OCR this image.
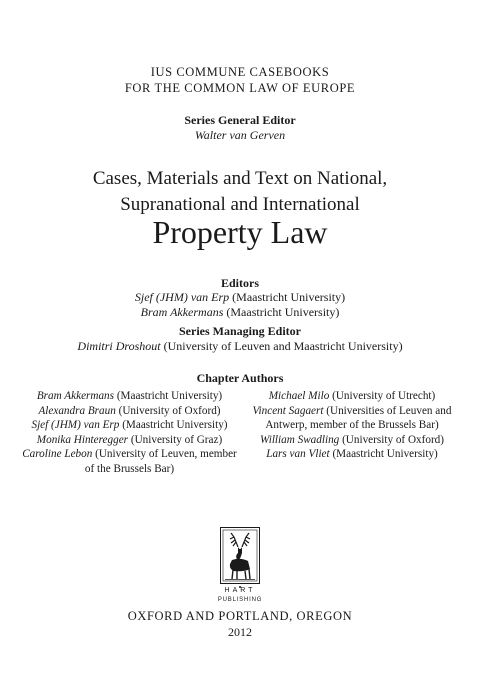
IUS COMMUNE CASEBOOKS
FOR THE COMMON LAW OF EUROPE
Series General Editor
Walter van Gerven
Cases, Materials and Text on National,
Supranational and International
Property Law
Editors
Sjef (JHM) van Erp (Maastricht University)
Bram Akkermans (Maastricht University)
Series Managing Editor
Dimitri Droshout (University of Leuven and Maastricht University)
Chapter Authors
Bram Akkermans (Maastricht University)
Alexandra Braun (University of Oxford)
Sjef (JHM) van Erp (Maastricht University)
Monika Hinteregger (University of Graz)
Caroline Lebon (University of Leuven, member of the Brussels Bar)
Michael Milo (University of Utrecht)
Vincent Sagaert (Universities of Leuven and Antwerp, member of the Brussels Bar)
William Swadling (University of Oxford)
Lars van Vliet (Maastricht University)
HART
PUBLISHING
OXFORD AND PORTLAND, OREGON
2012
